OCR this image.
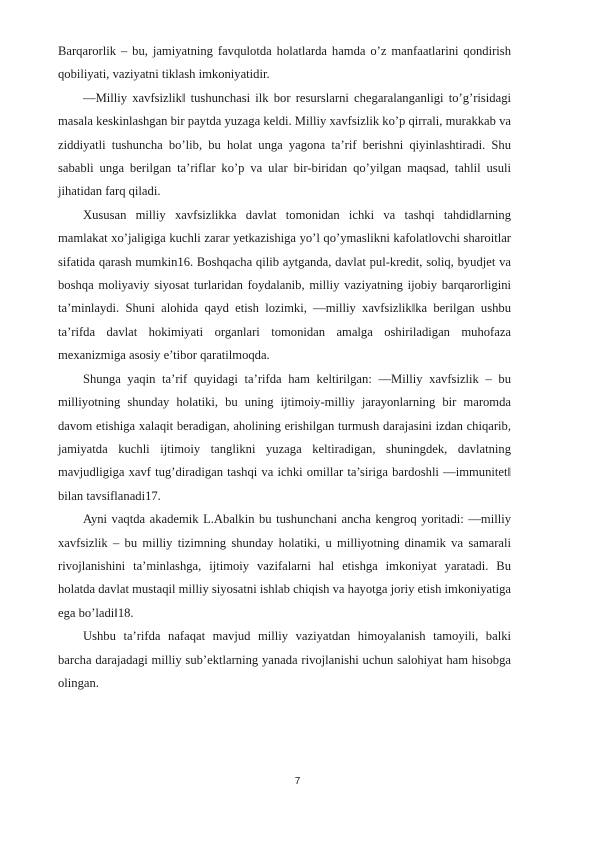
Barqarorlik – bu, jamiyatning favqulotda holatlarda hamda o’z manfaatlarini qondirish qobiliyati, vaziyatni tiklash imkoniyatidir.

―Milliy xavfsizlik‖ tushunchasi ilk bor resurslarni chegaralanganligi to’g’risidagi masala keskinlashgan bir paytda yuzaga keldi. Milliy xavfsizlik ko’p qirrali, murakkab va ziddiyatli tushuncha bo’lib, bu holat unga yagona ta’rif berishni qiyinlashtiradi. Shu sababli unga berilgan ta’riflar ko’p va ular bir-biridan qo’yilgan maqsad, tahlil usuli jihatidan farq qiladi.

Xususan milliy xavfsizlikka davlat tomonidan ichki va tashqi tahdidlarning mamlakat xo’jaligiga kuchli zarar yetkazishiga yo’l qo’ymaslikni kafolatlovchi sharoitlar sifatida qarash mumkin16. Boshqacha qilib aytganda, davlat pul-kredit, soliq, byudjet va boshqa moliyaviy siyosat turlaridan foydalanib, milliy vaziyatning ijobiy barqarorligini ta’minlaydi. Shuni alohida qayd etish lozimki, ―milliy xavfsizlik‖ka berilgan ushbu ta’rifda davlat hokimiyati organlari tomonidan amalga oshiriladigan muhofaza mexanizmiga asosiy e’tibor qaratilmoqda.

Shunga yaqin ta’rif quyidagi ta’rifda ham keltirilgan: ―Milliy xavfsizlik – bu milliyotning shunday holatiki, bu uning ijtimoiy-milliy jarayonlarning bir maromda davom etishiga xalaqit beradigan, aholining erishilgan turmush darajasini izdan chiqarib, jamiyatda kuchli ijtimoiy tanglikni yuzaga keltiradigan, shuningdek, davlatning mavjudligiga xavf tug’diradigan tashqi va ichki omillar ta’siriga bardoshli ―immunitet‖ bilan tavsiflanadi17.

Ayni vaqtda akademik L.Abalkin bu tushunchani ancha kengroq yoritadi: ―milliy xavfsizlik – bu milliy tizimning shunday holatiki, u milliyotning dinamik va samarali rivojlanishini ta’minlashga, ijtimoiy vazifalarni hal etishga imkoniyat yaratadi. Bu holatda davlat mustaqil milliy siyosatni ishlab chiqish va hayotga joriy etish imkoniyatiga ega bo’ladi‖18.

Ushbu ta’rifda nafaqat mavjud milliy vaziyatdan himoyalanish tamoyili, balki barcha darajadagi milliy sub’ektlarning yanada rivojlanishi uchun salohiyat ham hisobga olingan.

7
